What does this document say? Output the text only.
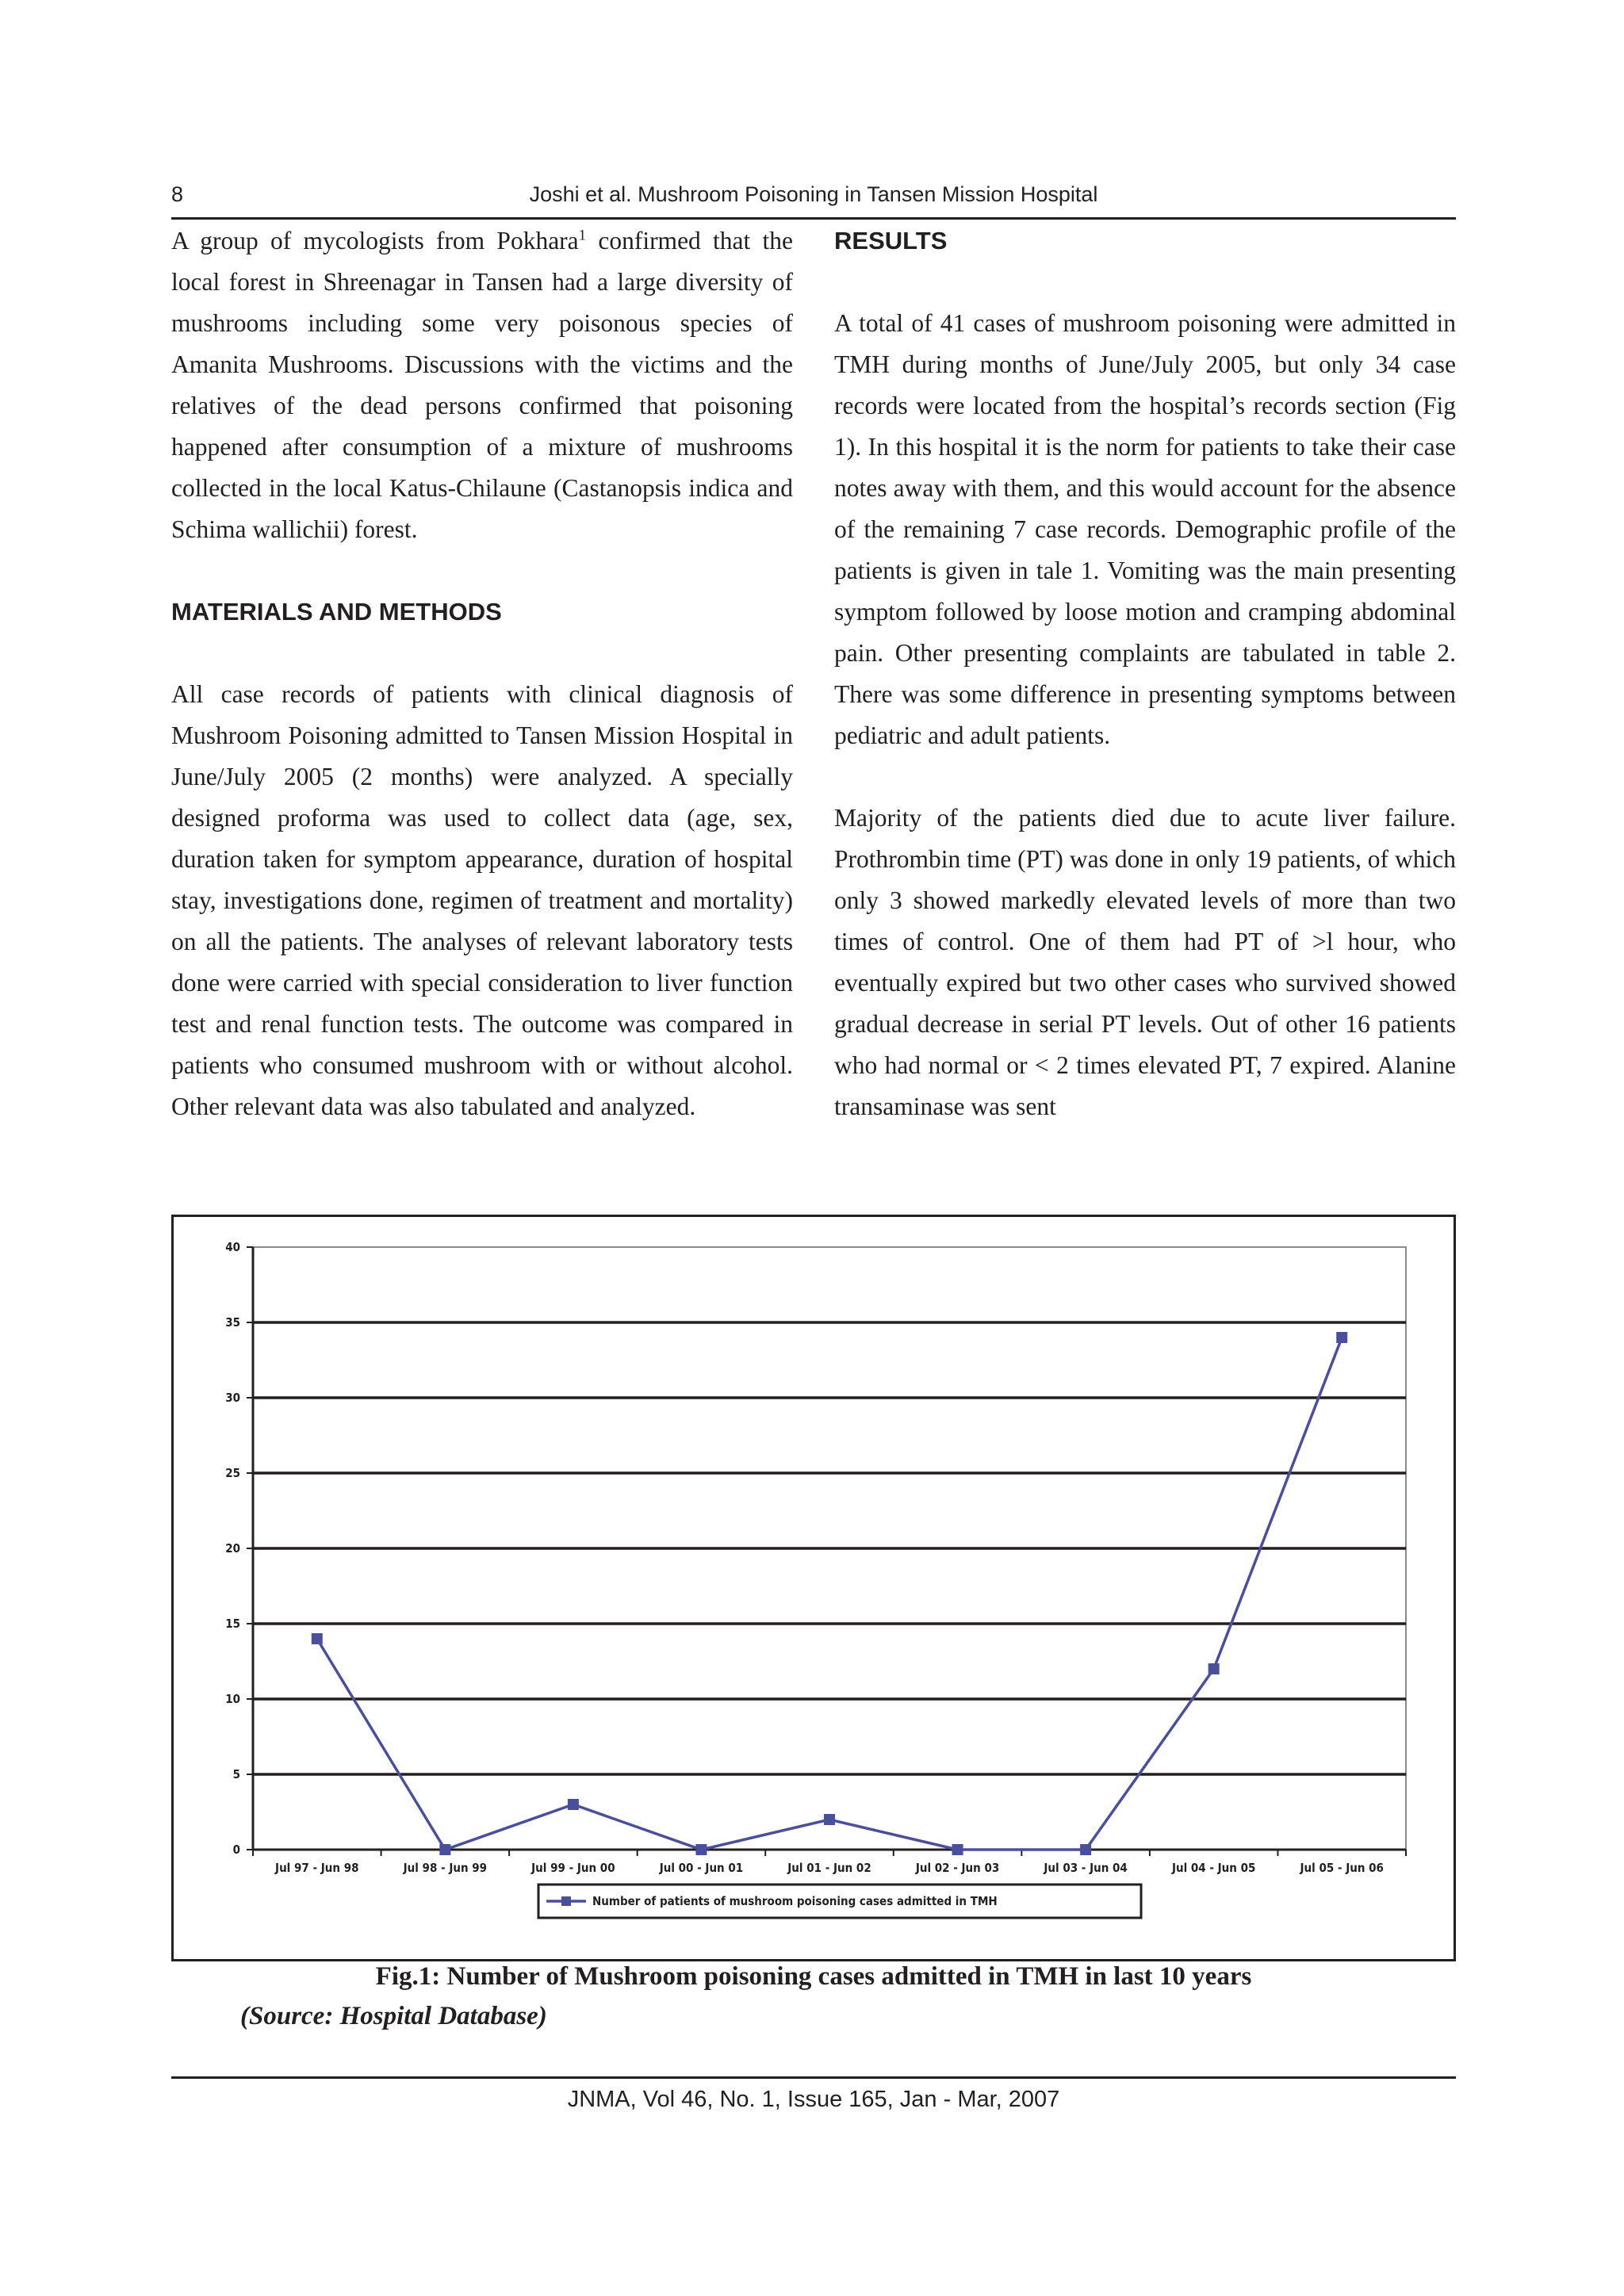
8	Joshi et al. Mushroom Poisoning in Tansen Mission Hospital

A group of mycologists from Pokhara$^1$ confirmed that the local forest in Shreenagar in Tansen had a large diversity of mushrooms including some very poisonous species of Amanita Mushrooms. Discussions with the victims and the relatives of the dead persons confirmed that poisoning happened after consumption of a mixture of mushrooms collected in the local Katus-Chilaune (Castanopsis indica and Schima wallichii) forest.

MATERIALS AND METHODS

All case records of patients with clinical diagnosis of Mushroom Poisoning admitted to Tansen Mission Hospital in June/July 2005 (2 months) were analyzed. A specially designed proforma was used to collect data (age, sex, duration taken for symptom appearance, duration of hospital stay, investigations done, regimen of treatment and mortality) on all the patients. The analyses of relevant laboratory tests done were carried with special consideration to liver function test and renal function tests. The outcome was compared in patients who consumed mushroom with or without alcohol. Other relevant data was also tabulated and analyzed.

RESULTS

A total of 41 cases of mushroom poisoning were admitted in TMH during months of June/July 2005, but only 34 case records were located from the hospital’s records section (Fig 1). In this hospital it is the norm for patients to take their case notes away with them, and this would account for the absence of the remaining 7 case records. Demographic profile of the patients is given in tale 1. Vomiting was the main presenting symptom followed by loose motion and cramping abdominal pain. Other presenting complaints are tabulated in table 2. There was some difference in presenting symptoms between pediatric and adult patients.

Majority of the patients died due to acute liver failure. Prothrombin time (PT) was done in only 19 patients, of which only 3 showed markedly elevated levels of more than two times of control. One of them had PT of >l hour, who eventually expired but two other cases who survived showed gradual decrease in serial PT levels. Out of other 16 patients who had normal or < 2 times elevated PT, 7 expired. Alanine transaminase was sent

0
5
10
15
20
25
30
35
40
Jul 97 - Jun 98	Jul 98 - Jun 99	Jul 99 - Jun 00	Jul 00 - Jun 01	Jul 01 - Jun 02	Jul 02 - Jun 03	Jul 03 - Jun 04	Jul 04 - Jun 05	Jul 05 - Jun 06
Number of patients of mushroom poisoning cases admitted in TMH
Fig.1: Number of Mushroom poisoning cases admitted in TMH in last 10 years
(Source: Hospital Database)
JNMA, Vol 46, No. 1, Issue 165, Jan - Mar, 2007
